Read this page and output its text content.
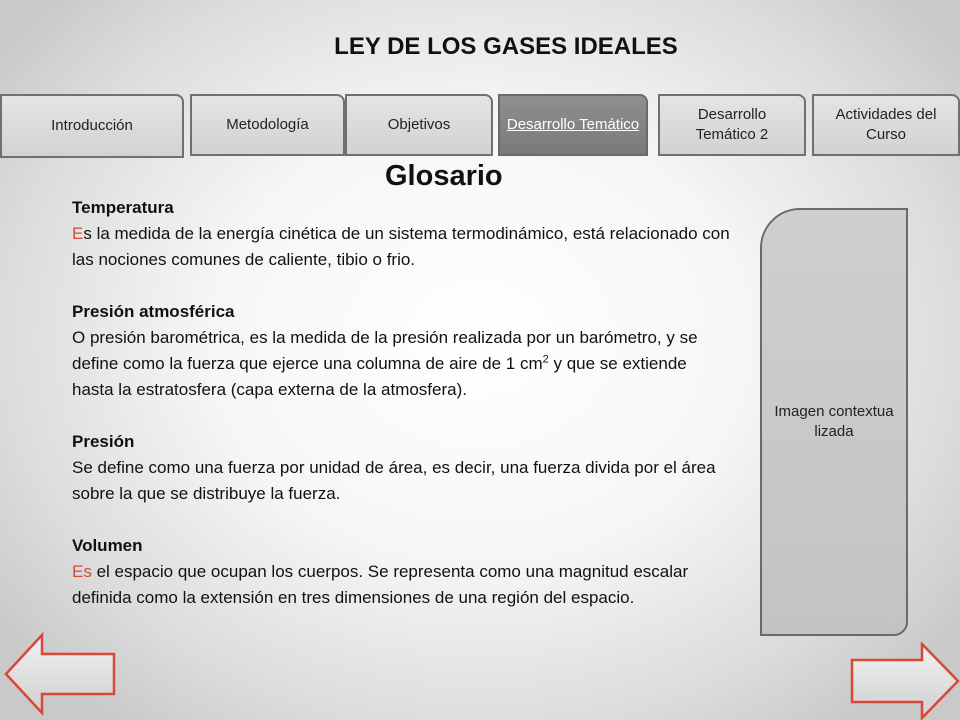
LEY DE LOS GASES IDEALES
Introducción	Metodología	Objetivos	Desarrollo Temático
Desarrollo Temático 2
Actividades del Curso
Glosario
Temperatura
Es la medida de la energía cinética de un sistema termodinámico, está relacionado con las nociones comunes de caliente, tibio o frio.
Presión atmosférica
O presión barométrica, es la medida de la presión realizada por un barómetro, y se define como la fuerza que ejerce una columna de aire de 1 $cm^2$ y que se extiende hasta la estratosfera (capa externa de la atmosfera).
Presión
Se define como una fuerza por unidad de área, es decir, una fuerza divida por el área sobre la que se distribuye la fuerza.
Volumen
Es el espacio que ocupan los cuerpos. Se representa como una magnitud escalar definida como la extensión en tres dimensiones de una región del espacio.
Imagen contextualizada
